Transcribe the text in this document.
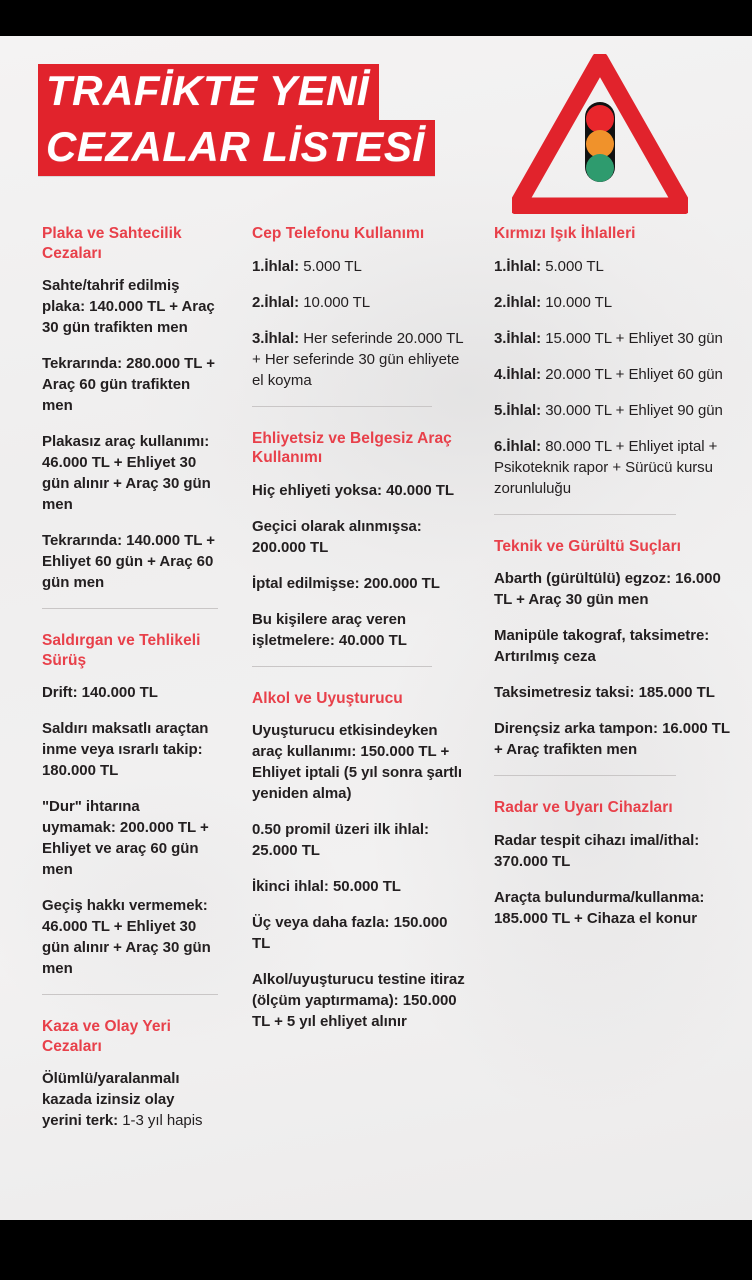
TRAFİKTE YENİ
CEZALAR LİSTESİ
Plaka ve Sahtecilik Cezaları

Sahte/tahrif edilmiş plaka: 140.000 TL + Araç 30 gün trafikten men

Tekrarında: 280.000 TL + Araç 60 gün trafikten men

Plakasız araç kullanımı: 46.000 TL + Ehliyet 30 gün alınır + Araç 30 gün men

Tekrarında: 140.000 TL + Ehliyet 60 gün + Araç 60 gün men

Saldırgan ve Tehlikeli Sürüş

Drift: 140.000 TL

Saldırı maksatlı araçtan inme veya ısrarlı takip: 180.000 TL

"Dur" ihtarına uymamak: 200.000 TL + Ehliyet ve araç 60 gün men

Geçiş hakkı vermemek: 46.000 TL + Ehliyet 30 gün alınır + Araç 30 gün men

Kaza ve Olay Yeri Cezaları

Ölümlü/yaralanmalı kazada izinsiz olay yerini terk: 1-3 yıl hapis

Cep Telefonu Kullanımı

1.İhlal: 5.000 TL

2.İhlal: 10.000 TL

3.İhlal: Her seferinde 20.000 TL + Her seferinde 30 gün ehliyete el koyma

Ehliyetsiz ve Belgesiz Araç Kullanımı

Hiç ehliyeti yoksa: 40.000 TL

Geçici olarak alınmışsa: 200.000 TL

İptal edilmişse: 200.000 TL

Bu kişilere araç veren işletmelere: 40.000 TL

Alkol ve Uyuşturucu

Uyuşturucu etkisindeyken araç kullanımı: 150.000 TL + Ehliyet iptali (5 yıl sonra şartlı yeniden alma)

0.50 promil üzeri ilk ihlal: 25.000 TL

İkinci ihlal: 50.000 TL

Üç veya daha fazla: 150.000 TL

Alkol/uyuşturucu testine itiraz (ölçüm yaptırmama): 150.000 TL + 5 yıl ehliyet alınır

Kırmızı Işık İhlalleri

1.İhlal: 5.000 TL

2.İhlal: 10.000 TL

3.İhlal: 15.000 TL + Ehliyet 30 gün

4.İhlal: 20.000 TL + Ehliyet 60 gün

5.İhlal: 30.000 TL + Ehliyet 90 gün

6.İhlal: 80.000 TL + Ehliyet iptal + Psikoteknik rapor + Sürücü kursu zorunluluğu

Teknik ve Gürültü Suçları

Abarth (gürültülü) egzoz: 16.000 TL + Araç 30 gün men

Manipüle takograf, taksimetre: Artırılmış ceza

Taksimetresiz taksi: 185.000 TL

Dirençsiz arka tampon: 16.000 TL + Araç trafikten men

Radar ve Uyarı Cihazları

Radar tespit cihazı imal/ithal: 370.000 TL

Araçta bulundurma/kullanma: 185.000 TL + Cihaza el konur
